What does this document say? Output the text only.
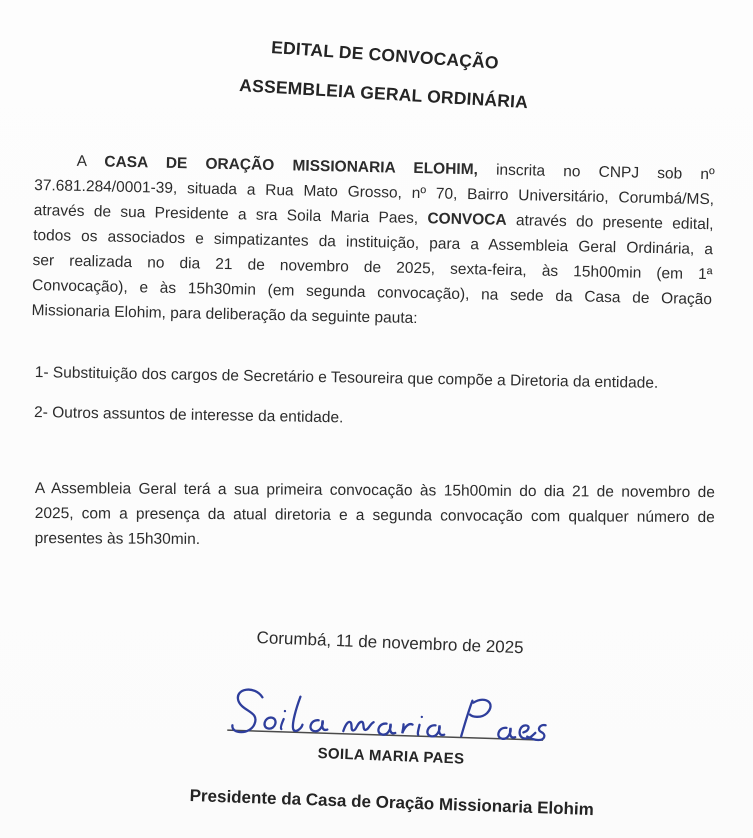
EDITAL DE CONVOCAÇÃO
ASSEMBLEIA GERAL ORDINÁRIA
A CASA DE ORAÇÃO MISSIONARIA ELOHIM, inscrita no CNPJ sob nº
37.681.284/0001-39, situada a Rua Mato Grosso, nº 70, Bairro Universitário, Corumbá/MS,
através de sua Presidente a sra Soila Maria Paes, CONVOCA através do presente edital,
todos os associados e simpatizantes da instituição, para a Assembleia Geral Ordinária, a
ser realizada no dia 21 de novembro de 2025, sexta-feira, às 15h00min (em 1ª
Convocação), e às 15h30min (em segunda convocação), na sede da Casa de Oração
Missionaria Elohim, para deliberação da seguinte pauta:
1- Substituição dos cargos de Secretário e Tesoureira que compõe a Diretoria da entidade.
2- Outros assuntos de interesse da entidade.
A Assembleia Geral terá a sua primeira convocação às 15h00min do dia 21 de novembro de
2025, com a presença da atual diretoria e a segunda convocação com qualquer número de
presentes às 15h30min.
Corumbá, 11 de novembro de 2025
SOILA MARIA PAES
Presidente da Casa de Oração Missionaria Elohim
